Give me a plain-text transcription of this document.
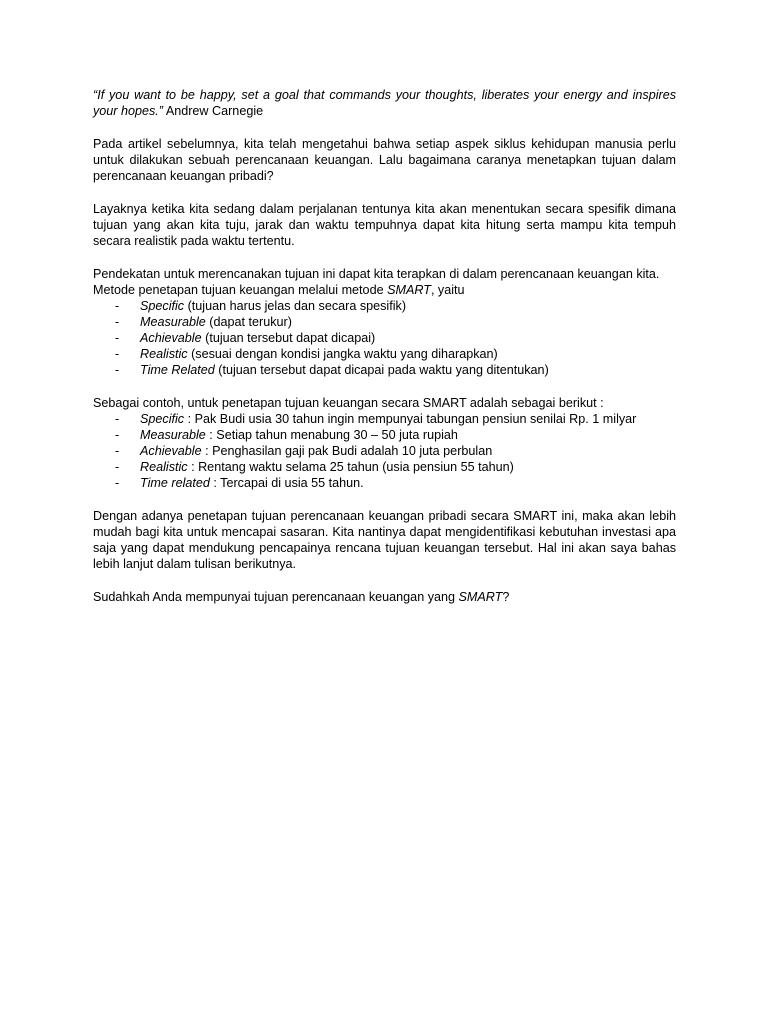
“If you want to be happy, set a goal that commands your thoughts, liberates your energy and inspires your hopes.” Andrew Carnegie

Pada artikel sebelumnya, kita telah mengetahui bahwa setiap aspek siklus kehidupan manusia perlu untuk dilakukan sebuah perencanaan keuangan. Lalu bagaimana caranya menetapkan tujuan dalam perencanaan keuangan pribadi?

Layaknya ketika kita sedang dalam perjalanan tentunya kita akan menentukan secara spesifik dimana tujuan yang akan kita tuju, jarak dan waktu tempuhnya dapat kita hitung serta mampu kita tempuh secara realistik pada waktu tertentu.

Pendekatan untuk merencanakan tujuan ini dapat kita terapkan di dalam perencanaan keuangan kita.
Metode penetapan tujuan keuangan melalui metode SMART, yaitu

- Specific (tujuan harus jelas dan secara spesifik)
- Measurable (dapat terukur)
- Achievable (tujuan tersebut dapat dicapai)
- Realistic (sesuai dengan kondisi jangka waktu yang diharapkan)
- Time Related (tujuan tersebut dapat dicapai pada waktu yang ditentukan)

Sebagai contoh, untuk penetapan tujuan keuangan secara SMART adalah sebagai berikut :

- Specific : Pak Budi usia 30 tahun ingin mempunyai tabungan pensiun senilai Rp. 1 milyar
- Measurable : Setiap tahun menabung 30 – 50 juta rupiah
- Achievable : Penghasilan gaji pak Budi adalah 10 juta perbulan
- Realistic : Rentang waktu selama 25 tahun (usia pensiun 55 tahun)
- Time related : Tercapai di usia 55 tahun.

Dengan adanya penetapan tujuan perencanaan keuangan pribadi secara SMART ini, maka akan lebih mudah bagi kita untuk mencapai sasaran. Kita nantinya dapat mengidentifikasi kebutuhan investasi apa saja yang dapat mendukung pencapainya rencana tujuan keuangan tersebut. Hal ini akan saya bahas lebih lanjut dalam tulisan berikutnya.

Sudahkah Anda mempunyai tujuan perencanaan keuangan yang SMART?
